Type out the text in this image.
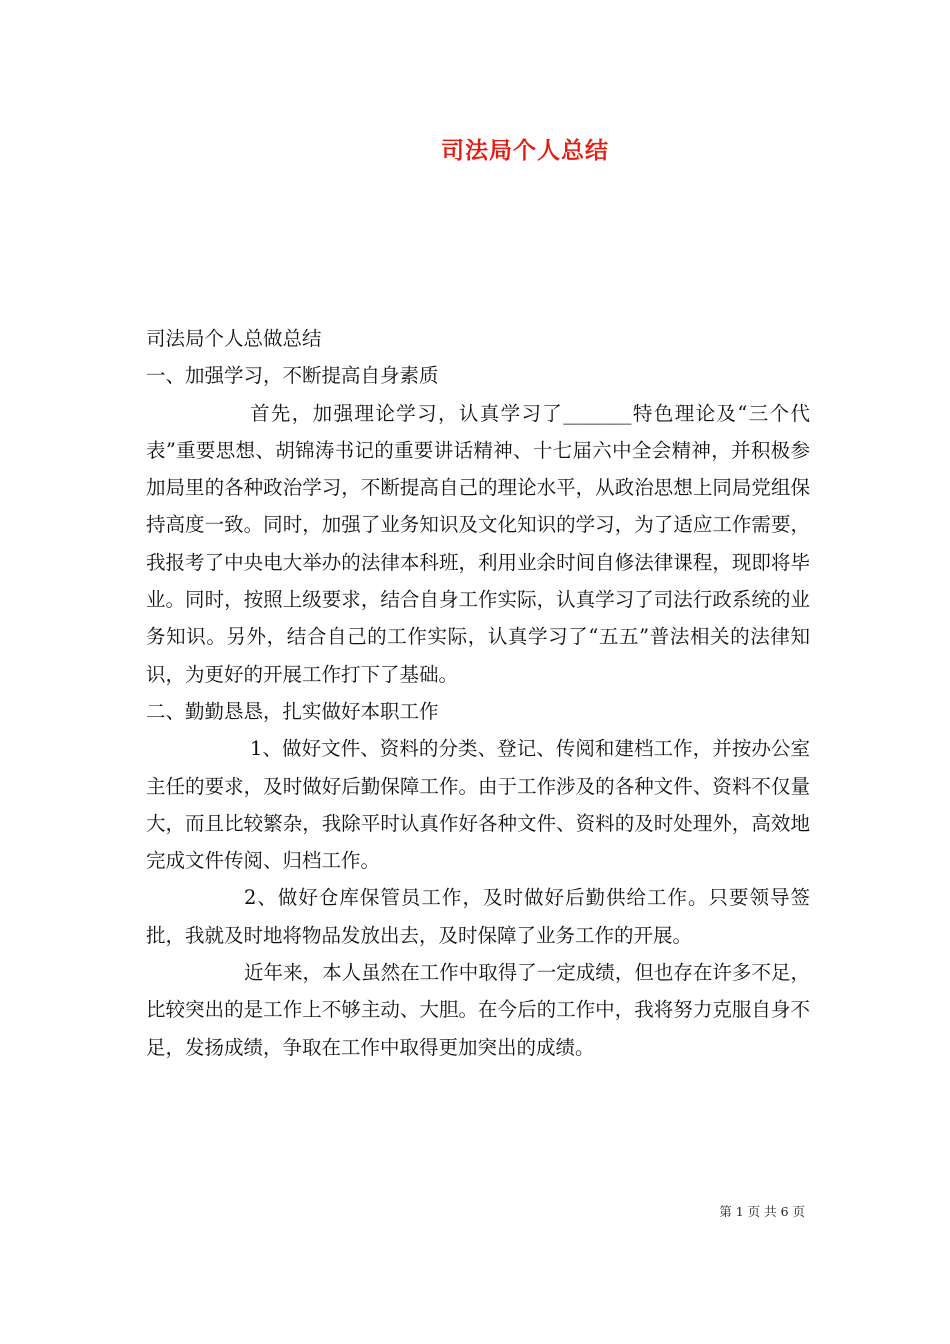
司法局个人总结

司法局个人总做总结

一、加强学习，不断提高自身素质

首先，加强理论学习，认真学习了_______特色理论及“三个代表”重要思想、胡锦涛书记的重要讲话精神、十七届六中全会精神，并积极参加局里的各种政治学习，不断提高自己的理论水平，从政治思想上同局党组保持高度一致。同时，加强了业务知识及文化知识的学习，为了适应工作需要，我报考了中央电大举办的法律本科班，利用业余时间自修法律课程，现即将毕业。同时，按照上级要求，结合自身工作实际，认真学习了司法行政系统的业务知识。另外，结合自己的工作实际，认真学习了“五五”普法相关的法律知识，为更好的开展工作打下了基础。

二、勤勤恳恳，扎实做好本职工作

1、做好文件、资料的分类、登记、传阅和建档工作，并按办公室主任的要求，及时做好后勤保障工作。由于工作涉及的各种文件、资料不仅量大，而且比较繁杂，我除平时认真作好各种文件、资料的及时处理外，高效地完成文件传阅、归档工作。

2、做好仓库保管员工作，及时做好后勤供给工作。只要领导签批，我就及时地将物品发放出去，及时保障了业务工作的开展。

近年来，本人虽然在工作中取得了一定成绩，但也存在许多不足，比较突出的是工作上不够主动、大胆。在今后的工作中，我将努力克服自身不足，发扬成绩，争取在工作中取得更加突出的成绩。

第 1 页 共 6 页
